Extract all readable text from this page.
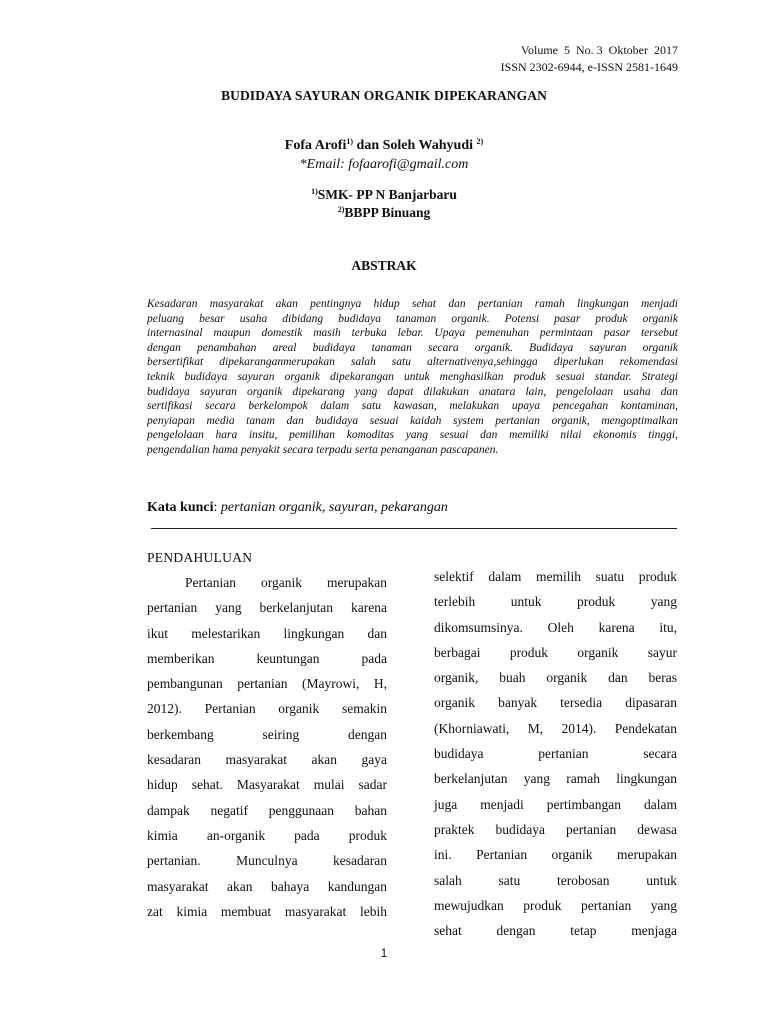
Volume  5  No. 3  Oktober  2017
ISSN 2302-6944, e-ISSN 2581-1649
BUDIDAYA SAYURAN ORGANIK DIPEKARANGAN
Fofa Arofi$^{1)}$ dan Soleh Wahyudi $^{2)}$
*Email: fofaarofi@gmail.com
$^{1)}$SMK- PP N Banjarbaru
$^{2)}$BBPP Binuang
ABSTRAK
Kesadaran masyarakat akan pentingnya hidup sehat dan pertanian ramah lingkungan menjadi
peluang besar usaha dibidang budidaya tanaman organik. Potensi pasar produk organik
internasinal maupun domestik masih terbuka lebar. Upaya pemenuhan permintaan pasar tersebut
dengan penambahan areal budidaya tanaman secara organik. Budidaya sayuran organik
bersertifikat dipekaranganmerupakan salah satu alternativenya,sehingga diperlukan rekomendasi
teknik budidaya sayuran organik dipekarangan untuk menghasilkan produk sesuai standar. Strategi
budidaya sayuran organik dipekarang yang dapat dilakukan anatara lain, pengelolaan usaha dan
sertifikasi secara berkelompok dalam satu kawasan, melakukan upaya pencegahan kontaminan,
penyiapan media tanam dan budidaya sesuai kaidah system pertanian organik, mengoptimalkan
pengelolaan hara insitu, pemilihan komoditas yang sesuai dan memiliki nilai ekonomis tinggi,
pengendalian hama penyakit secara terpadu serta penanganan pascapanen.
Kata kunci: pertanian organik, sayuran, pekarangan
PENDAHULUAN
Pertanian organik merupakan
pertanian yang berkelanjutan karena
ikut melestarikan lingkungan dan
memberikan keuntungan pada
pembangunan pertanian (Mayrowi, H,
2012). Pertanian organik semakin
berkembang seiring dengan
kesadaran masyarakat akan gaya
hidup sehat. Masyarakat mulai sadar
dampak negatif penggunaan bahan
kimia an-organik pada produk
pertanian. Munculnya kesadaran
masyarakat akan bahaya kandungan
zat kimia membuat masyarakat lebih
selektif dalam memilih suatu produk
terlebih untuk produk yang
dikomsumsinya. Oleh karena itu,
berbagai produk organik sayur
organik, buah organik dan beras
organik banyak tersedia dipasaran
(Khorniawati, M, 2014). Pendekatan
budidaya pertanian secara
berkelanjutan yang ramah lingkungan
juga menjadi pertimbangan dalam
praktek budidaya pertanian dewasa
ini. Pertanian organik merupakan
salah satu terobosan untuk
mewujudkan produk pertanian yang
sehat dengan tetap menjaga
1
